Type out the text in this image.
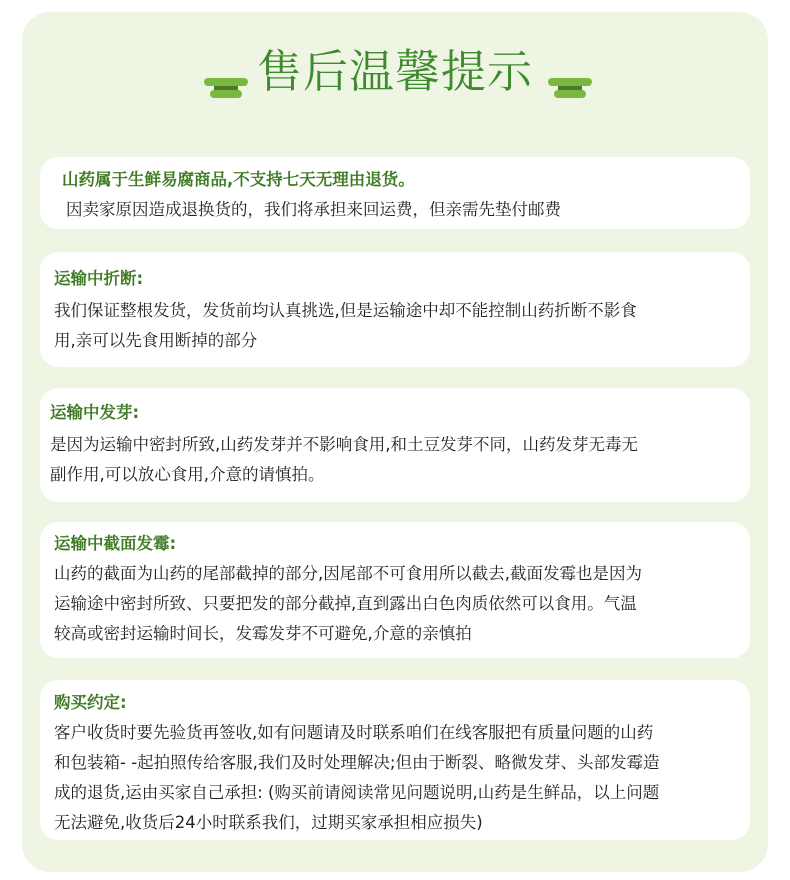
售后温馨提示
山药属于生鲜易腐商品,不支持七天无理由退货。
因卖家原因造成退换货的，我们将承担来回运费，但亲需先垫付邮费
运输中折断:
我们保证整根发货，发货前均认真挑选,但是运输途中却不能控制山药折断不影食
用,亲可以先食用断掉的部分
运输中发芽:
是因为运输中密封所致,山药发芽并不影响食用,和土豆发芽不同，山药发芽无毒无
副作用,可以放心食用,介意的请慎拍。
运输中截面发霉:
山药的截面为山药的尾部截掉的部分,因尾部不可食用所以截去,截面发霉也是因为
运输途中密封所致、只要把发的部分截掉,直到露出白色肉质依然可以食用。气温
较高或密封运输时间长，发霉发芽不可避免,介意的亲慎拍
购买约定:
客户收货时要先验货再签收,如有问题请及时联系咱们在线客服把有质量问题的山药
和包装箱- -起拍照传给客服,我们及时处理解决;但由于断裂、略微发芽、头部发霉造
成的退货,运由买家自己承担: (购买前请阅读常见问题说明,山药是生鲜品，以上问题
无法避免,收货后24小时联系我们，过期买家承担相应损失)
